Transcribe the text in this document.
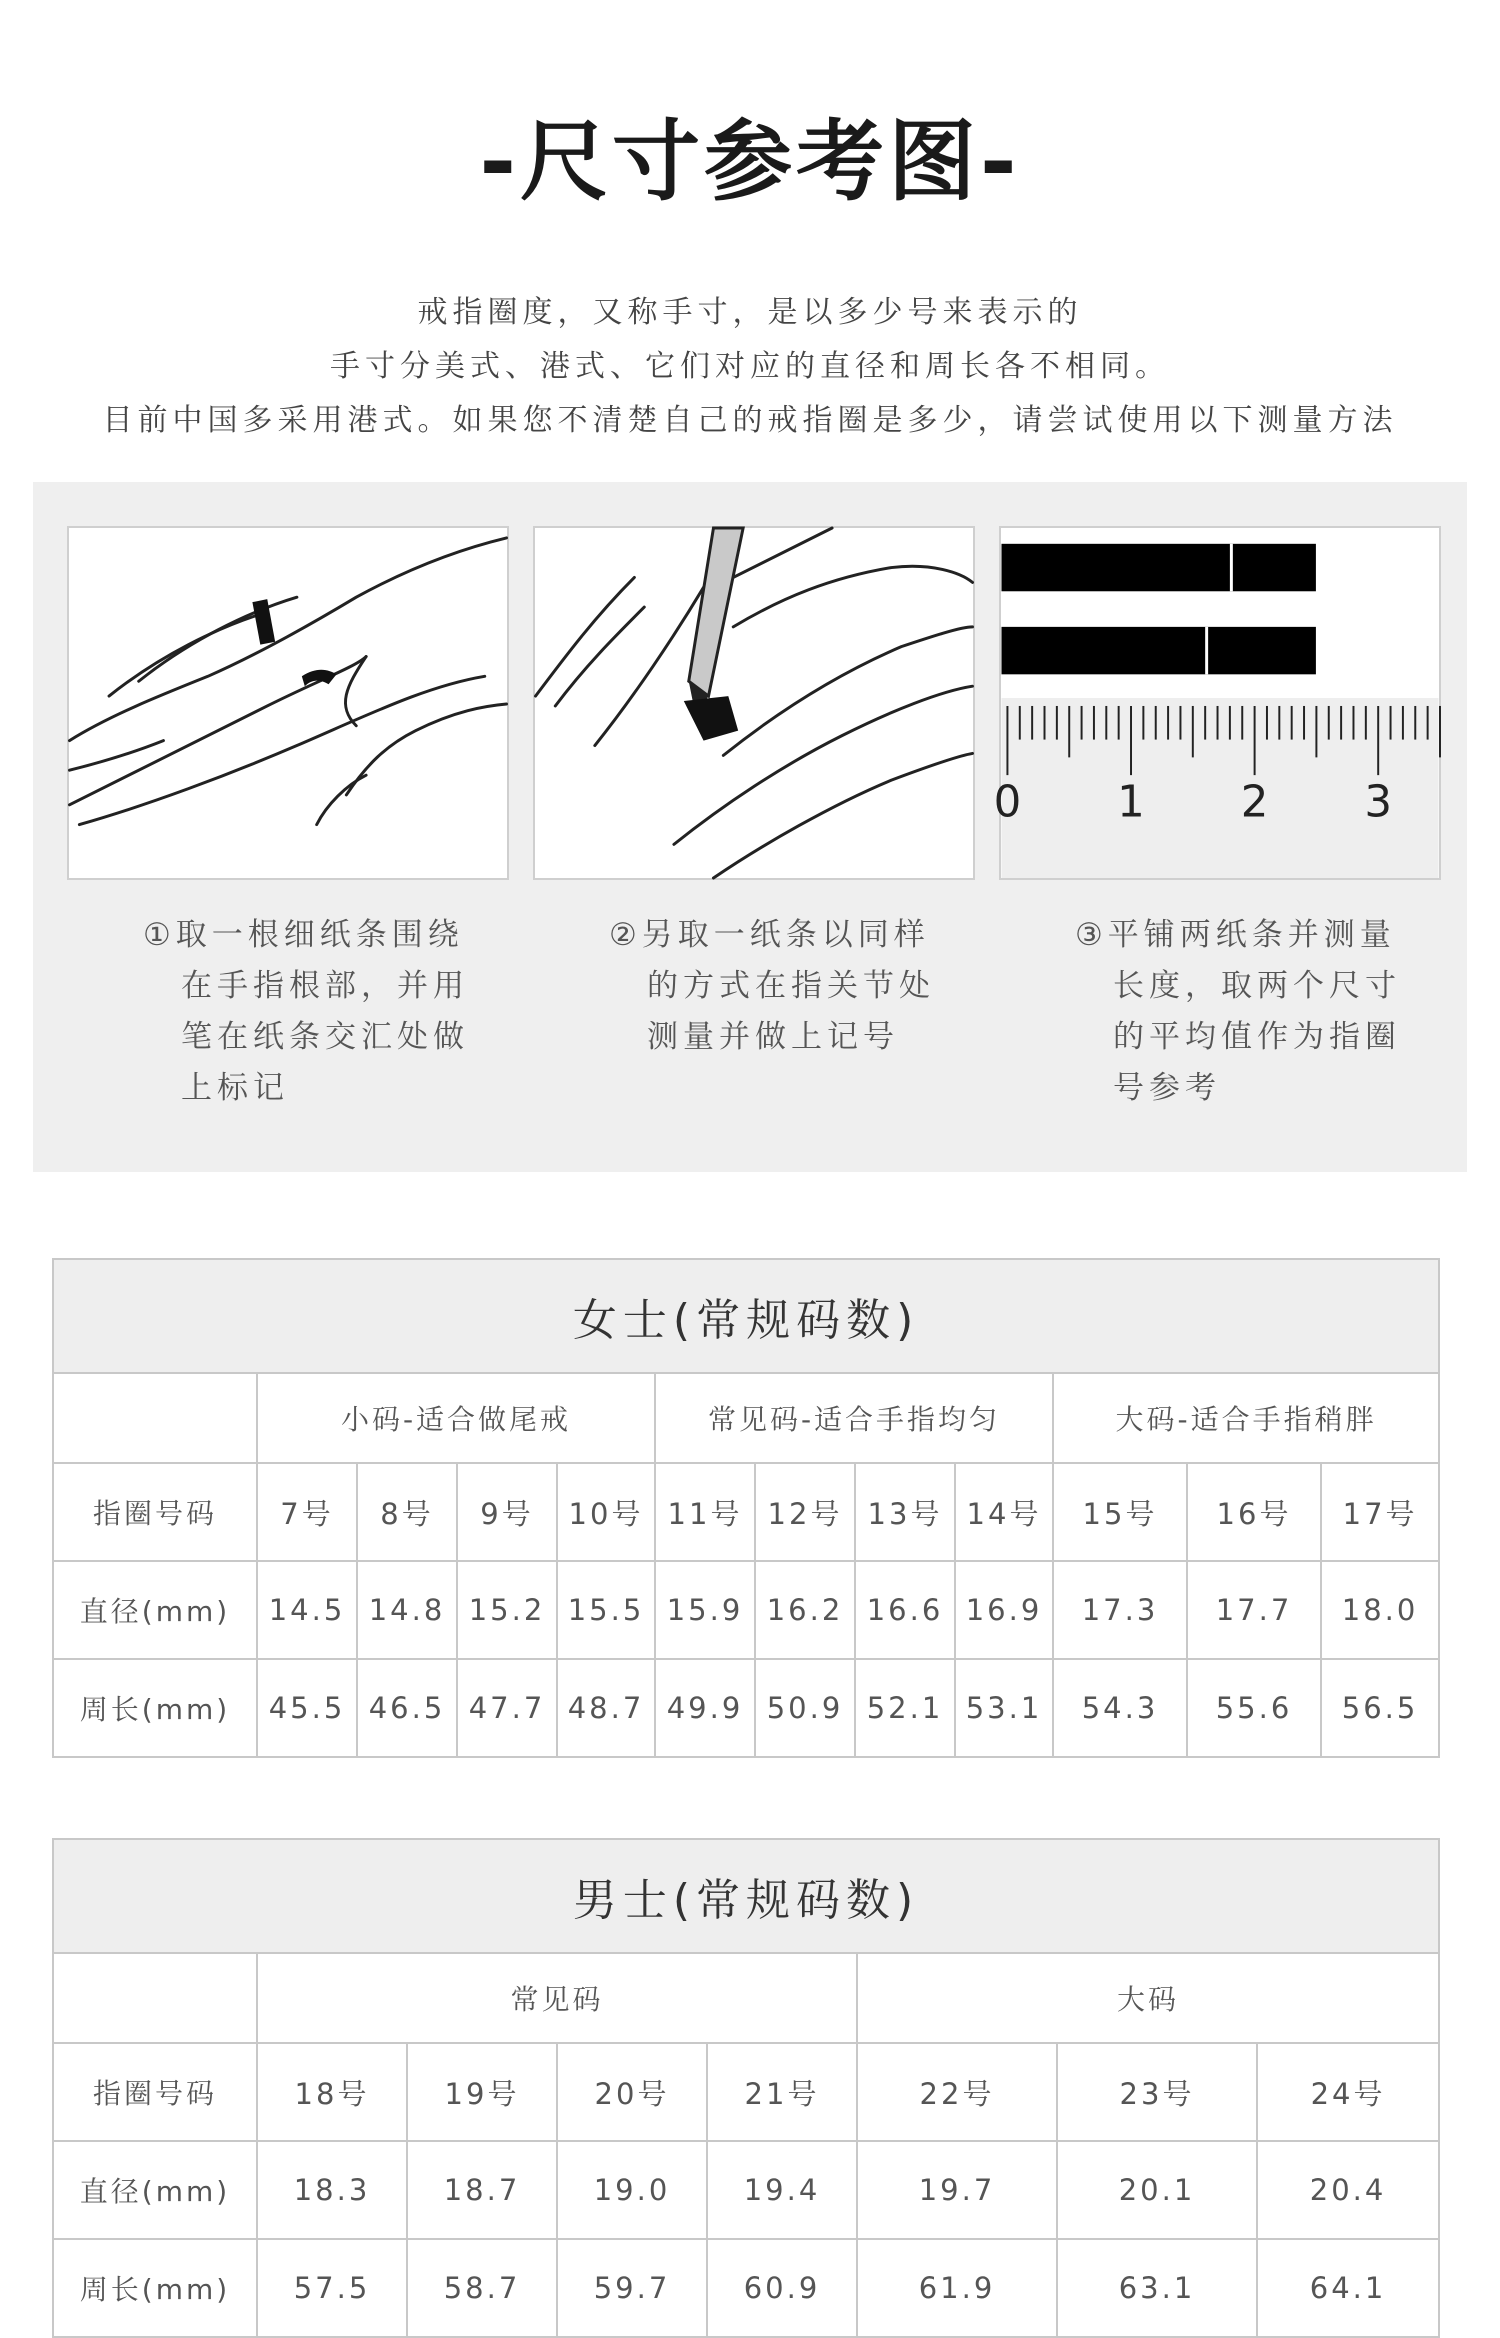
-尺寸参考图-
戒指圈度，又称手寸，是以多少号来表示的
手寸分美式、港式、它们对应的直径和周长各不相同。
目前中国多采用港式。如果您不清楚自己的戒指圈是多少，请尝试使用以下测量方法
0 1 2 3
①取一根细纸条围绕
在手指根部，并用
笔在纸条交汇处做
上标记
②另取一纸条以同样
的方式在指关节处
测量并做上记号
③平铺两纸条并测量
长度，取两个尺寸
的平均值作为指圈
号参考
女士(常规码数)											
	小码-适合做尾戒				常见码-适合手指均匀				大码-适合手指稍胖		
指圈号码	7号	8号	9号	10号	11号	12号	13号	14号	15号	16号	17号
直径(mm)	14.5	14.8	15.2	15.5	15.9	16.2	16.6	16.9	17.3	17.7	18.0
周长(mm)	45.5	46.5	47.7	48.7	49.9	50.9	52.1	53.1	54.3	55.6	56.5
男士(常规码数)							
	常见码				大码		
指圈号码	18号	19号	20号	21号	22号	23号	24号
直径(mm)	18.3	18.7	19.0	19.4	19.7	20.1	20.4
周长(mm)	57.5	58.7	59.7	60.9	61.9	63.1	64.1
